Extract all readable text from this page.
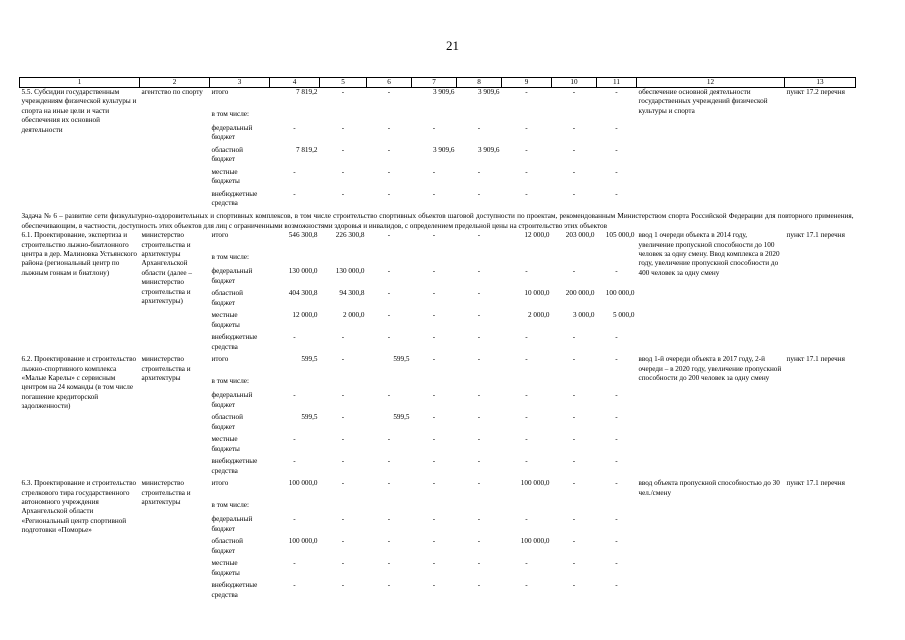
21
1	2	3	4	5	6	7	8	9	10	11	12	13
5.5. Субсидии государственным учреждениям физической культуры и спорта на иные цели и части обеспечения их основной деятельности	агентство по спорту	итого	7 819,2	-	-	3 909,6	3 909,6	-	-	-	обеспечение основной деятельности государственных учреждений физической культуры и спорта	пункт 17.2 перечня
		в том числе:										
		федеральный бюджет	-	-	-	-	-	-	-	-		
		областной бюджет	7 819,2	-	-	3 909,6	3 909,6	-	-	-		
		местные бюджеты	-	-	-	-	-	-	-	-		
		внебюджетные средства	-	-	-	-	-	-	-	-		
Задача № 6 – развитие сети физкультурно-оздоровительных и спортивных комплексов, в том числе строительство спортивных объектов шаговой доступности по проектам, рекомендованным Министерством спорта Российской Федерации для повторного применения, обеспечивающим, в частности, доступность этих объектов для лиц с ограниченными возможностями здоровья и инвалидов, с определением предельной цены на строительство этих объектов												
6.1. Проектирование, экспертиза и строительство лыжно-биатлонного центра в дер. Малиновка Устьянского района (региональный центр по лыжным гонкам и биатлону)	министерство строительства и архитектуры Архангельской области (далее – министерство строительства и архитектуры)	итого	546 300,8	226 300,8	-	-	-	12 000,0	203 000,0	105 000,0	ввод 1 очереди объекта в 2014 году, увеличение пропускной способности до 100 человек за одну смену. Ввод комплекса в 2020 году, увеличение пропускной способности до 400 человек за одну смену	пункт 17.1 перечня
		в том числе:										
		федеральный бюджет	130 000,0	130 000,0	-	-	-	-	-	-		
		областной бюджет	404 300,8	94 300,8	-	-	-	10 000,0	200 000,0	100 000,0		
		местные бюджеты	12 000,0	2 000,0	-	-	-	2 000,0	3 000,0	5 000,0		
		внебюджетные средства	-	-	-	-	-	-	-	-		
6.2. Проектирование и строительство лыжно-спортивного комплекса «Малые Карелы» с сервисным центром на 24 команды (в том числе погашение кредиторской задолженности)	министерство строительства и архитектуры	итого	599,5	-	599,5	-	-	-	-	-	ввод 1-й очереди объекта в 2017 году, 2-й очереди – в 2020 году, увеличение пропускной способности до 200 человек за одну смену	пункт 17.1 перечня
		в том числе:										
		федеральный бюджет	-	-	-	-	-	-	-	-		
		областной бюджет	599,5	-	599,5	-	-	-	-	-		
		местные бюджеты	-	-	-	-	-	-	-	-		
		внебюджетные средства	-	-	-	-	-	-	-	-		
6.3. Проектирование и строительство стрелкового тира государственного автономного учреждения Архангельской области «Региональный центр спортивной подготовки «Поморье»	министерство строительства и архитектуры	итого	100 000,0	-	-	-	-	100 000,0	-	-	ввод объекта пропускной способностью до 30 чел./смену	пункт 17.1 перечня
		в том числе:										
		федеральный бюджет	-	-	-	-	-	-	-	-		
		областной бюджет	100 000,0	-	-	-	-	100 000,0	-	-		
		местные бюджеты	-	-	-	-	-	-	-	-		
		внебюджетные средства	-	-	-	-	-	-	-	-		
